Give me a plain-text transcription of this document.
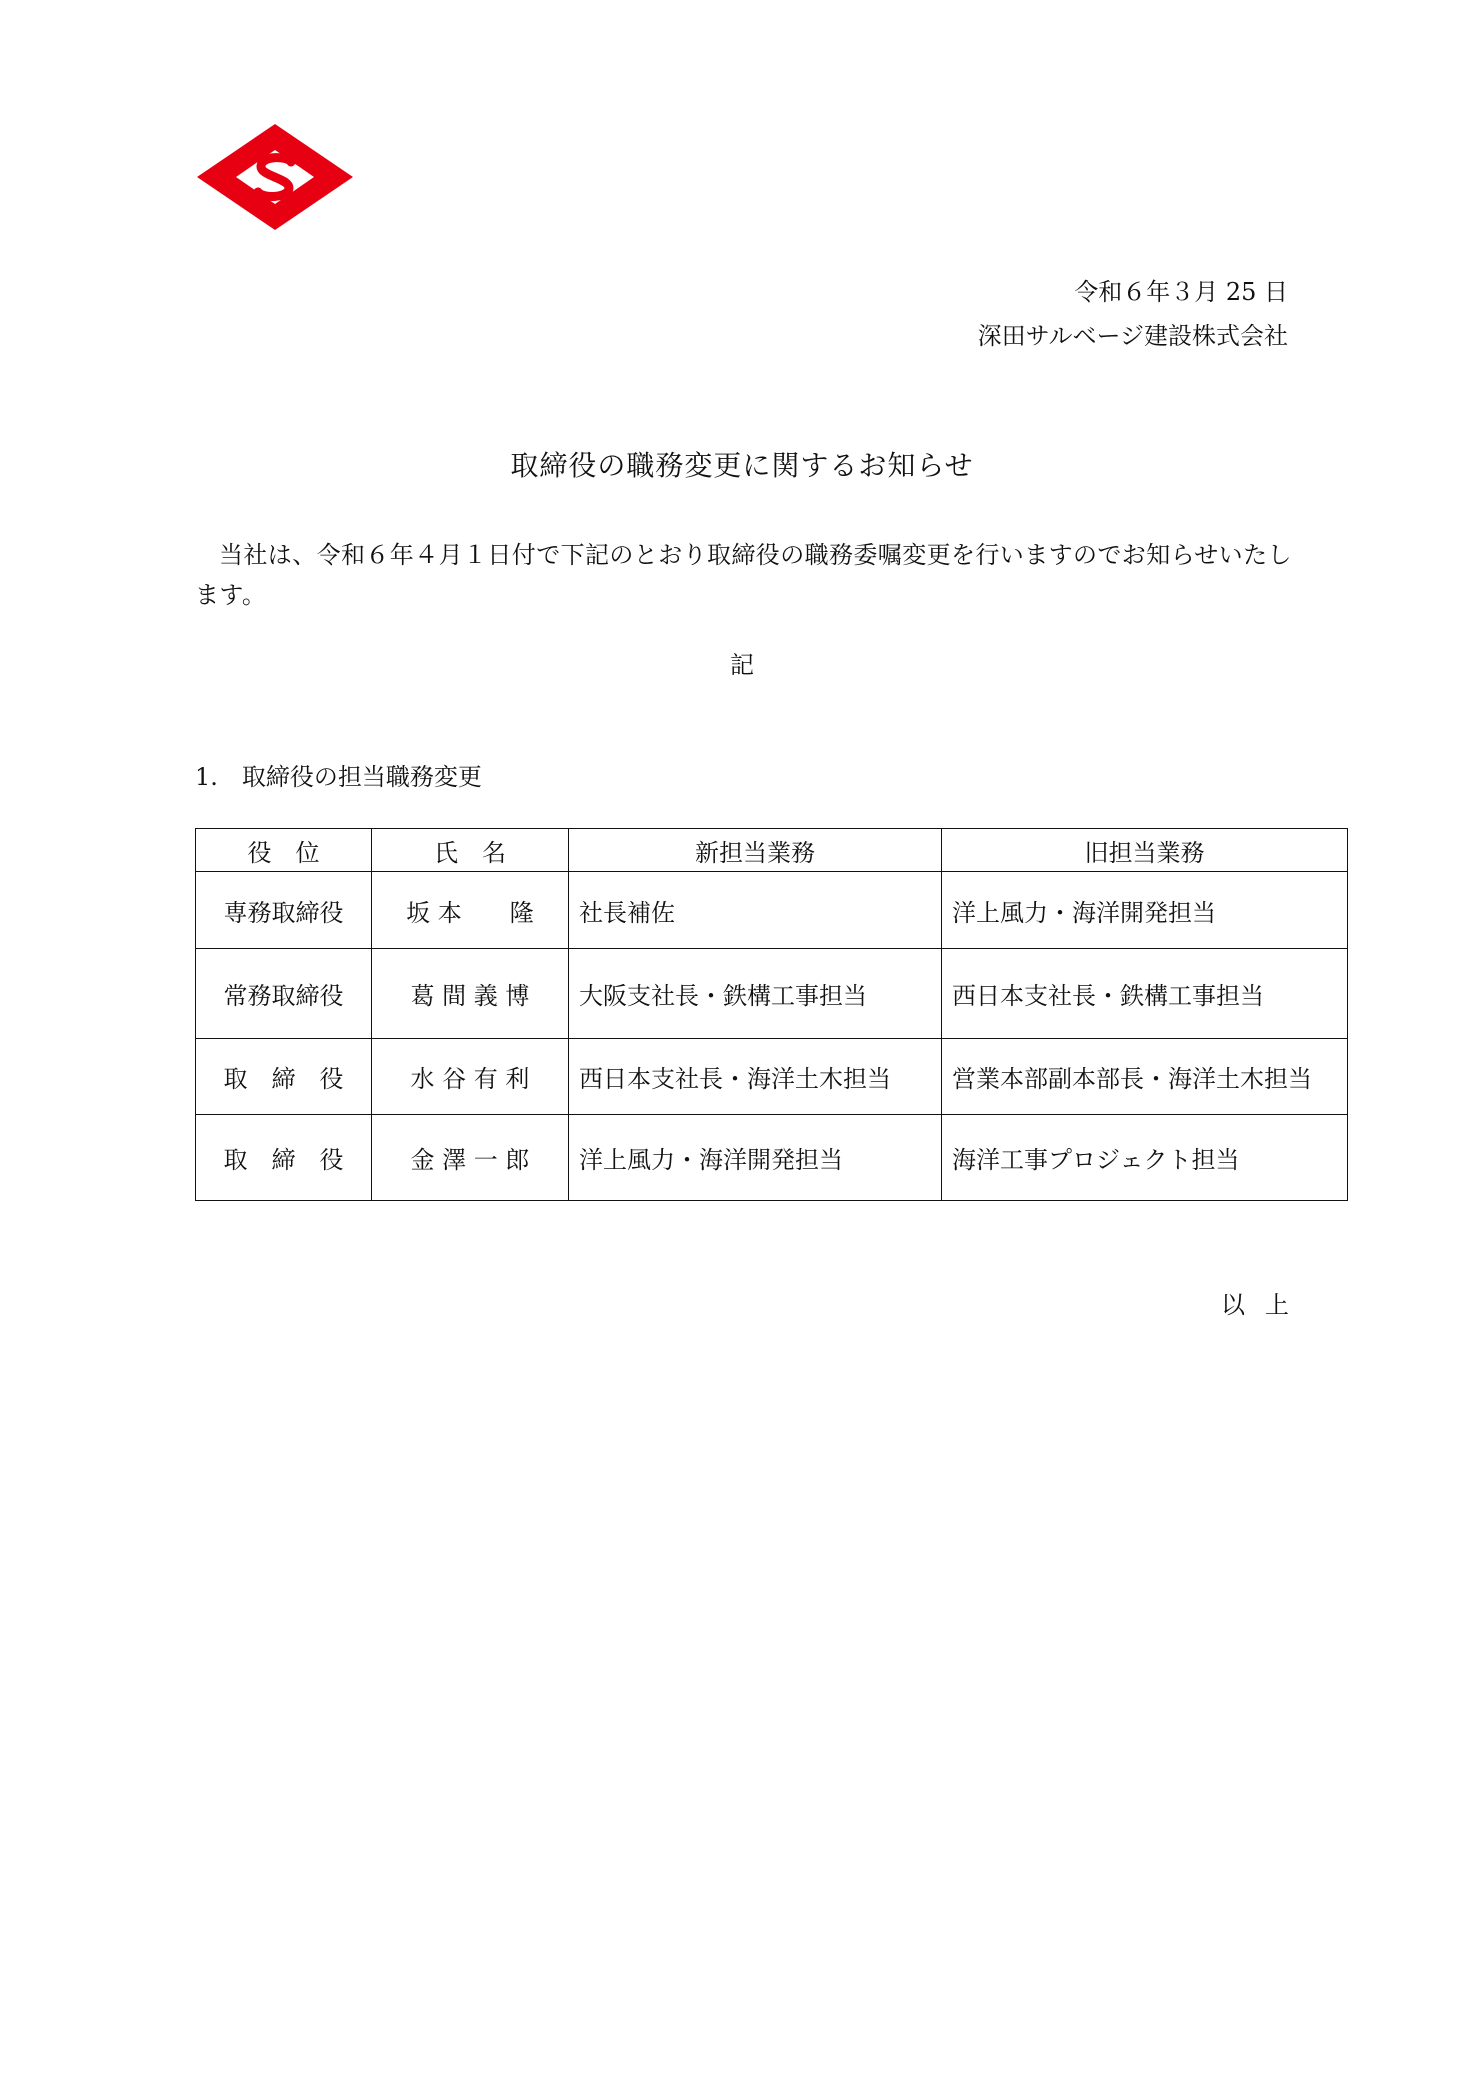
令和６年３月 25 日
深田サルベージ建設株式会社
取締役の職務変更に関するお知らせ
当社は、令和６年４月１日付で下記のとおり取締役の職務委嘱変更を行いますのでお知らせいたします。
記
1.　取締役の担当職務変更
役　位	氏　名	新担当業務	旧担当業務
専務取締役	坂 本　　隆	社長補佐	洋上風力・海洋開発担当
常務取締役	葛 間 義 博	大阪支社長・鉄構工事担当	西日本支社長・鉄構工事担当
取　締　役	水 谷 有 利	西日本支社長・海洋土木担当	営業本部副本部長・海洋土木担当
取　締　役	金 澤 一 郎	洋上風力・海洋開発担当	海洋工事プロジェクト担当
以上
